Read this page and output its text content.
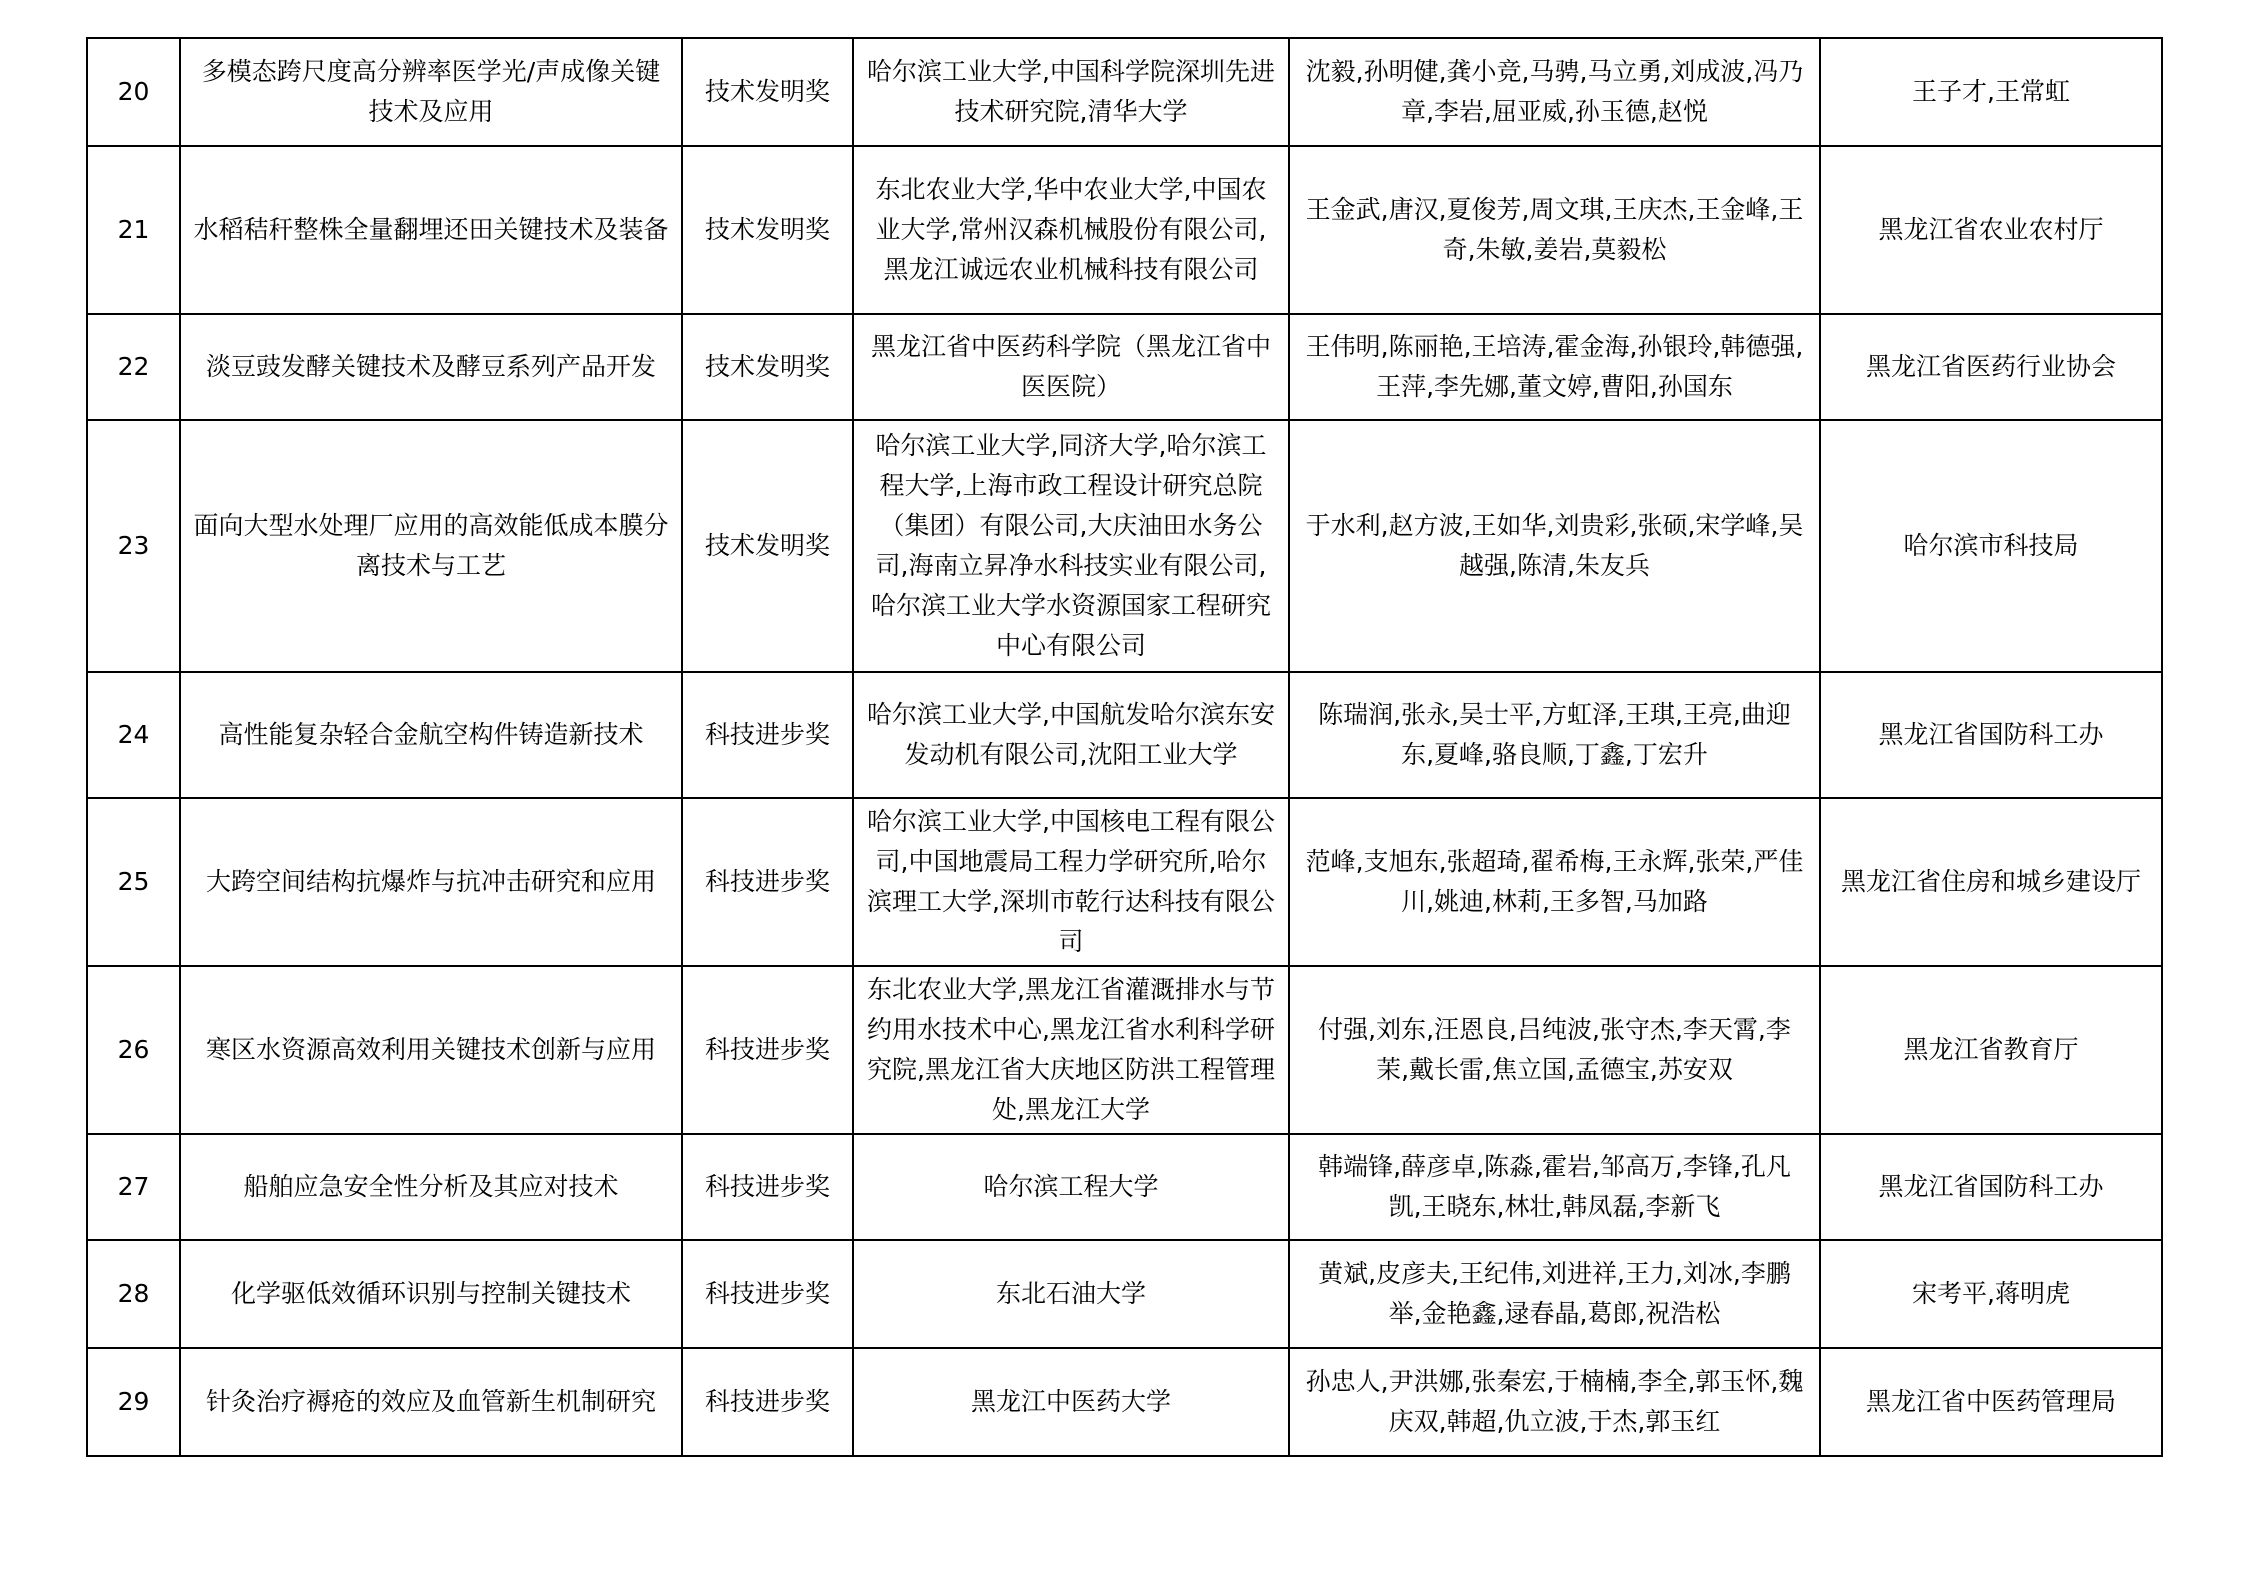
20	多模态跨尺度高分辨率医学光/声成像关键技术及应用	技术发明奖	哈尔滨工业大学,中国科学院深圳先进技术研究院,清华大学	沈毅,孙明健,龚小竞,马骋,马立勇,刘成波,冯乃章,李岩,屈亚威,孙玉德,赵悦	王子才,王常虹
21	水稻秸秆整株全量翻埋还田关键技术及装备	技术发明奖	东北农业大学,华中农业大学,中国农业大学,常州汉森机械股份有限公司,黑龙江诚远农业机械科技有限公司	王金武,唐汉,夏俊芳,周文琪,王庆杰,王金峰,王奇,朱敏,姜岩,莫毅松	黑龙江省农业农村厅
22	淡豆豉发酵关键技术及酵豆系列产品开发	技术发明奖	黑龙江省中医药科学院（黑龙江省中医医院）	王伟明,陈丽艳,王培涛,霍金海,孙银玲,韩德强,王萍,李先娜,董文婷,曹阳,孙国东	黑龙江省医药行业协会
23	面向大型水处理厂应用的高效能低成本膜分离技术与工艺	技术发明奖	哈尔滨工业大学,同济大学,哈尔滨工程大学,上海市政工程设计研究总院（集团）有限公司,大庆油田水务公司,海南立昇净水科技实业有限公司,哈尔滨工业大学水资源国家工程研究中心有限公司	于水利,赵方波,王如华,刘贵彩,张硕,宋学峰,吴越强,陈清,朱友兵	哈尔滨市科技局
24	高性能复杂轻合金航空构件铸造新技术	科技进步奖	哈尔滨工业大学,中国航发哈尔滨东安发动机有限公司,沈阳工业大学	陈瑞润,张永,吴士平,方虹泽,王琪,王亮,曲迎东,夏峰,骆良顺,丁鑫,丁宏升	黑龙江省国防科工办
25	大跨空间结构抗爆炸与抗冲击研究和应用	科技进步奖	哈尔滨工业大学,中国核电工程有限公司,中国地震局工程力学研究所,哈尔滨理工大学,深圳市乾行达科技有限公司	范峰,支旭东,张超琦,翟希梅,王永辉,张荣,严佳川,姚迪,林莉,王多智,马加路	黑龙江省住房和城乡建设厅
26	寒区水资源高效利用关键技术创新与应用	科技进步奖	东北农业大学,黑龙江省灌溉排水与节约用水技术中心,黑龙江省水利科学研究院,黑龙江省大庆地区防洪工程管理处,黑龙江大学	付强,刘东,汪恩良,吕纯波,张守杰,李天霄,李茉,戴长雷,焦立国,孟德宝,苏安双	黑龙江省教育厅
27	船舶应急安全性分析及其应对技术	科技进步奖	哈尔滨工程大学	韩端锋,薛彦卓,陈淼,霍岩,邹高万,李锋,孔凡凯,王晓东,林壮,韩凤磊,李新飞	黑龙江省国防科工办
28	化学驱低效循环识别与控制关键技术	科技进步奖	东北石油大学	黄斌,皮彦夫,王纪伟,刘进祥,王力,刘冰,李鹏举,金艳鑫,逯春晶,葛郎,祝浩松	宋考平,蒋明虎
29	针灸治疗褥疮的效应及血管新生机制研究	科技进步奖	黑龙江中医药大学	孙忠人,尹洪娜,张秦宏,于楠楠,李全,郭玉怀,魏庆双,韩超,仇立波,于杰,郭玉红	黑龙江省中医药管理局
